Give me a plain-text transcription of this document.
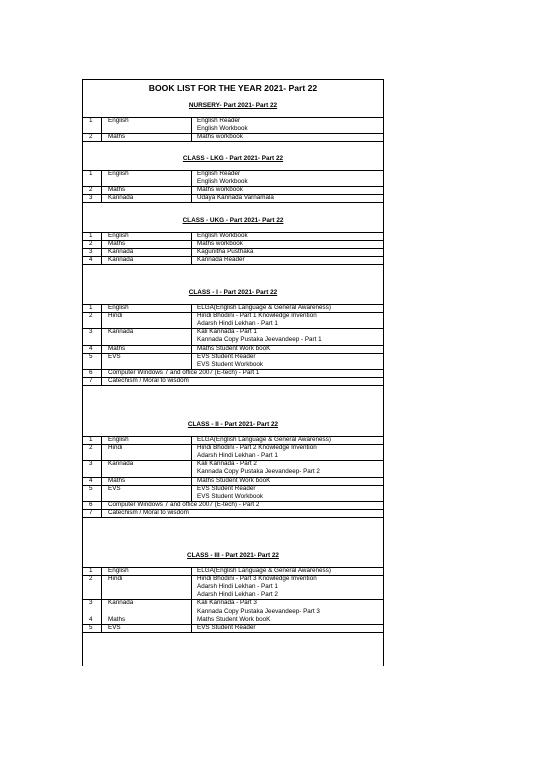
BOOK LIST FOR THE YEAR 2021- Part 22
NURSERY- Part 2021- Part 22
1 English	English Reader
English Workbook
2 Maths	Maths workbook
CLASS - LKG - Part 2021- Part 22
1 English	English Reader
English Workbook
2 Maths	Maths workbook
3 Kannada	Udaya Kannada Varnamala
CLASS - UKG - Part 2021- Part 22
1 English	English Workbook
2 Maths	Maths workbook
3 Kannada	Kagunitha Pusthaka
4 Kannada	Kannada Reader
CLASS - I - Part 2021- Part 22
1 English	ELGA(English Language & General Awareness)
2 Hindi	Hindi Bhodini - Part 1 Knowledge Invention
Adarsh Hindi Lekhan - Part 1
3 Kannada	Kali Kannada - Part 1
Kannada Copy Pustaka Jeevandeep - Part 1
4 Maths	Maths Student Work booK
5 EVS	EVS Student Reader
EVS Student Workbook
6 Computer Windows 7 and office 2007 (E-tech) - Part 1
7 Catechism / Moral to wisdom
CLASS - II - Part 2021- Part 22
1 English	ELGA(English Language & General Awareness)
2 Hindi	Hindi Bhodini - Part 2 Knowledge Invention
Adarsh Hindi Lekhan - Part 1
3 Kannada	Kali Kannada - Part 2
Kannada Copy Pustaka Jeevandeep- Part 2
4 Maths	Maths Student Work booK
5 EVS	EVS Student Reader
EVS Student Workbook
6 Computer Windows 7 and office 2007 (E-tech) - Part 2
7 Catechism / Moral to wisdom
CLASS - III - Part 2021- Part 22
1 English	ELGA(English Language & General Awareness)
2 Hindi	Hindi Bhodini - Part 3 Knowledge Invention
Adarsh Hindi Lekhan - Part 1
Adarsh Hindi Lekhan - Part 2
3 Kannada	Kali Kannada - Part 3
Kannada Copy Pustaka Jeevandeep- Part 3
4 Maths	Maths Student Work booK
5 EVS	EVS Student Reader
